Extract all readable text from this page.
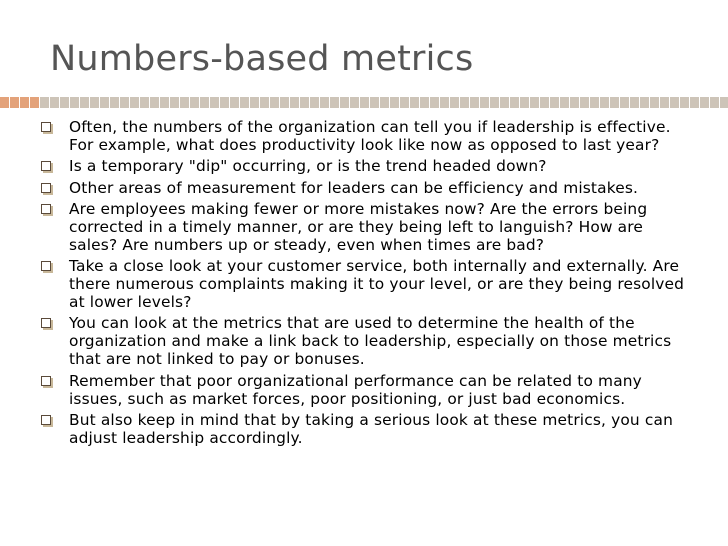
Numbers-based metrics
Often, the numbers of the organization can tell you if leadership is effective. For example, what does productivity look like now as opposed to last year?
Is a temporary "dip" occurring, or is the trend headed down?
Other areas of measurement for leaders can be efficiency and mistakes.
Are employees making fewer or more mistakes now? Are the errors being corrected in a timely manner, or are they being left to languish? How are sales? Are numbers up or steady, even when times are bad?
Take a close look at your customer service, both internally and externally. Are there numerous complaints making it to your level, or are they being resolved at lower levels?
You can look at the metrics that are used to determine the health of the organization and make a link back to leadership, especially on those metrics that are not linked to pay or bonuses.
Remember that poor organizational performance can be related to many issues, such as market forces, poor positioning, or just bad economics.
But also keep in mind that by taking a serious look at these metrics, you can adjust leadership accordingly.
